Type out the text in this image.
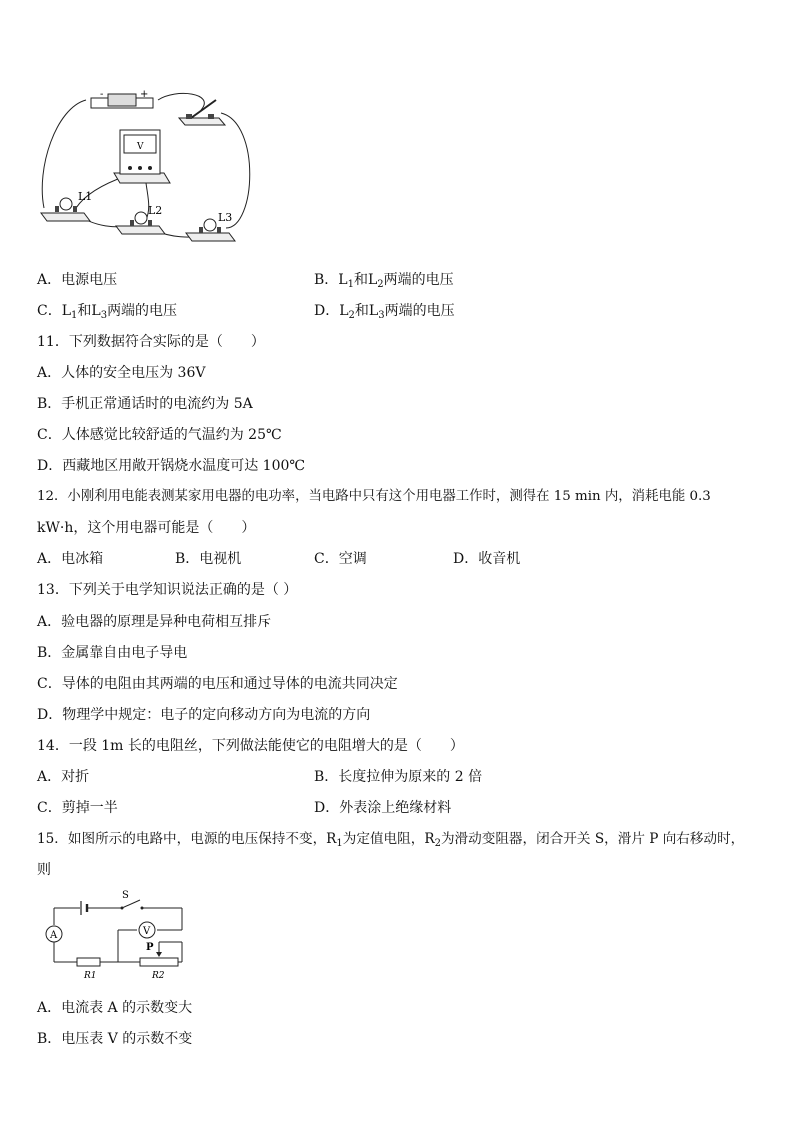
-	+
V
L1
L2
L3
A．电源电压	B．$L_1$和$L_2$两端的电压
C．$L_1$和$L_3$两端的电压	D．$L_2$和$L_3$两端的电压
11．下列数据符合实际的是（　　）
A．人体的安全电压为 36V
B．手机正常通话时的电流约为 5A
C．人体感觉比较舒适的气温约为 25℃
D．西藏地区用敞开锅烧水温度可达 100℃
12．小刚利用电能表测某家用电器的电功率，当电路中只有这个用电器工作时，测得在 15 min 内，消耗电能 0.3
kW·h，这个用电器可能是（　　）
A．电冰箱	B．电视机	C．空调	D．收音机
13．下列关于电学知识说法正确的是（ ）
A．验电器的原理是异种电荷相互排斥
B．金属靠自由电子导电
C．导体的电阻由其两端的电压和通过导体的电流共同决定
D．物理学中规定：电子的定向移动方向为电流的方向
14．一段 1m 长的电阻丝，下列做法能使它的电阻增大的是（　　）
A．对折	B．长度拉伸为原来的 2 倍
C．剪掉一半	D．外表涂上绝缘材料
15．如图所示的电路中，电源的电压保持不变，$R_1$为定值电阻，$R_2$为滑动变阻器，闭合开关 S，滑片 P 向右移动时，
则
S
A	V
R1
P
R2
A．电流表 A 的示数变大
B．电压表 V 的示数不变
